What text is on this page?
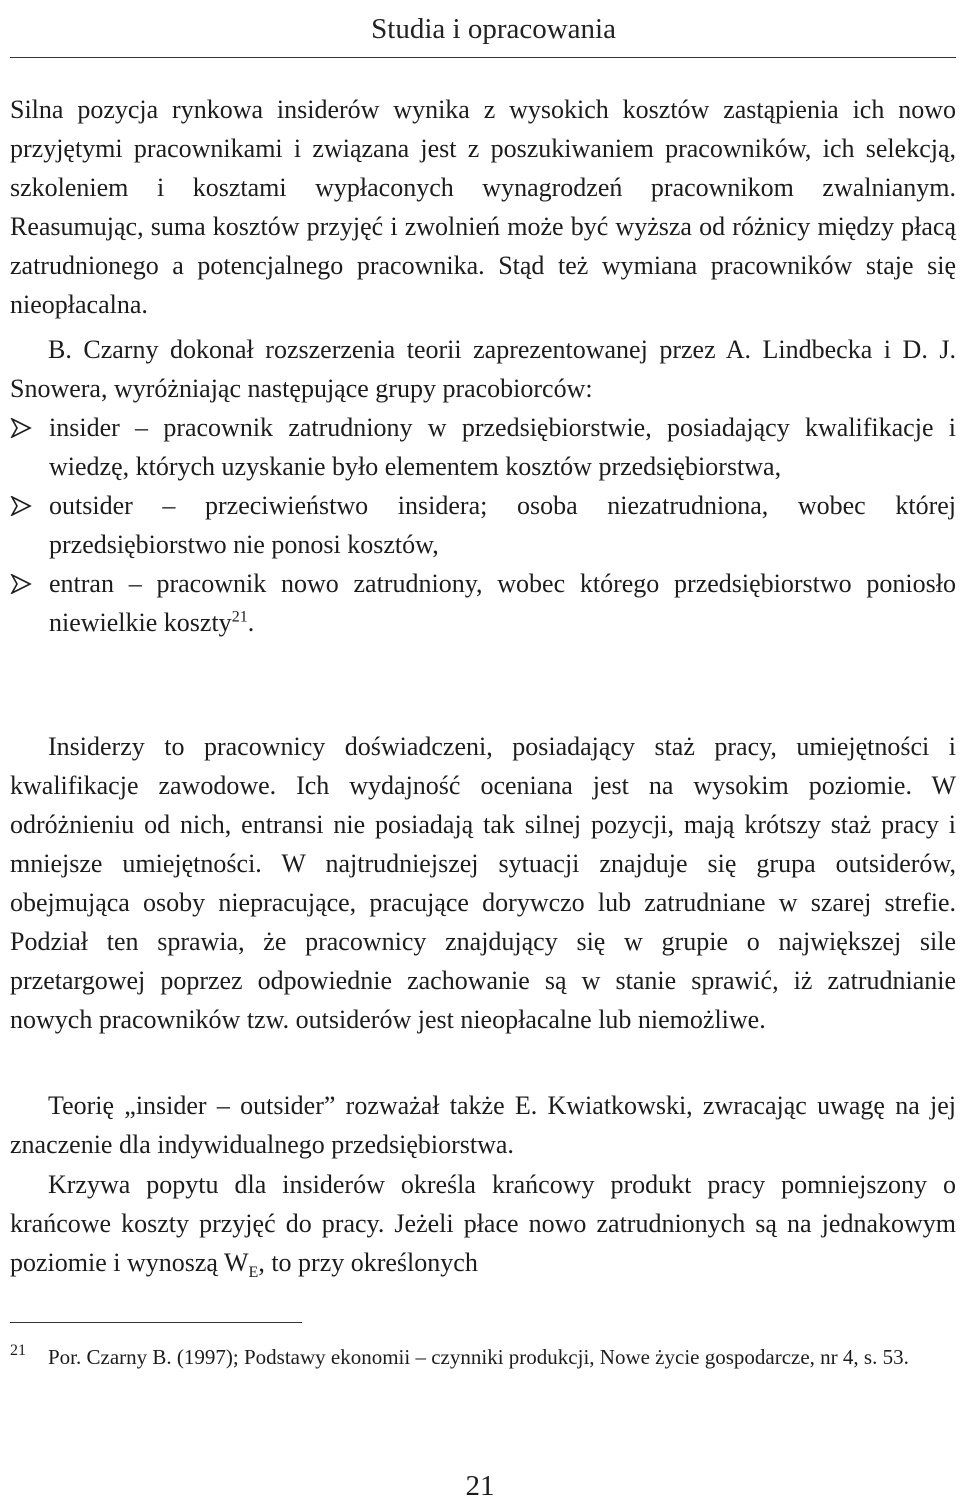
Studia i opracowania

Silna pozycja rynkowa insiderów wynika z wysokich kosztów zastąpienia ich nowo przyjętymi pracownikami i związana jest z poszukiwaniem pracowników, ich selekcją, szkoleniem i kosztami wypłaconych wynagrodzeń pracownikom zwalnianym. Reasumując, suma kosztów przyjęć i zwolnień może być wyższa od różnicy między płacą zatrudnionego a potencjalnego pracownika. Stąd też wymiana pracowników staje się nieopłacalna.

B. Czarny dokonał rozszerzenia teorii zaprezentowanej przez A. Lindbecka i D. J. Snowera, wyróżniając następujące grupy pracobiorców:

insider – pracownik zatrudniony w przedsiębiorstwie, posiadający kwalifikacje i wiedzę, których uzyskanie było elementem kosztów przedsiębiorstwa,
outsider – przeciwieństwo insidera; osoba niezatrudniona, wobec której przedsiębiorstwo nie ponosi kosztów,
entran – pracownik nowo zatrudniony, wobec którego przedsiębiorstwo poniosło niewielkie koszty$^{21}$.

Insiderzy to pracownicy doświadczeni, posiadający staż pracy, umiejętności i kwalifikacje zawodowe. Ich wydajność oceniana jest na wysokim poziomie. W odróżnieniu od nich, entransi nie posiadają tak silnej pozycji, mają krótszy staż pracy i mniejsze umiejętności. W najtrudniejszej sytuacji znajduje się grupa outsiderów, obejmująca osoby niepracujące, pracujące dorywczo lub zatrudniane w szarej strefie. Podział ten sprawia, że pracownicy znajdujący się w grupie o największej sile przetargowej poprzez odpowiednie zachowanie są w stanie sprawić, iż zatrudnianie nowych pracowników tzw. outsiderów jest nieopłacalne lub niemożliwe.

Teorię „insider – outsider” rozważał także E. Kwiatkowski, zwracając uwagę na jej znaczenie dla indywidualnego przedsiębiorstwa.

Krzywa popytu dla insiderów określa krańcowy produkt pracy pomniejszony o krańcowe koszty przyjęć do pracy. Jeżeli płace nowo zatrudnionych są na jednakowym poziomie i wynoszą $W_E$, to przy określonych

21 Por. Czarny B. (1997); Podstawy ekonomii – czynniki produkcji, Nowe życie gospodarcze, nr 4, s. 53.
21
